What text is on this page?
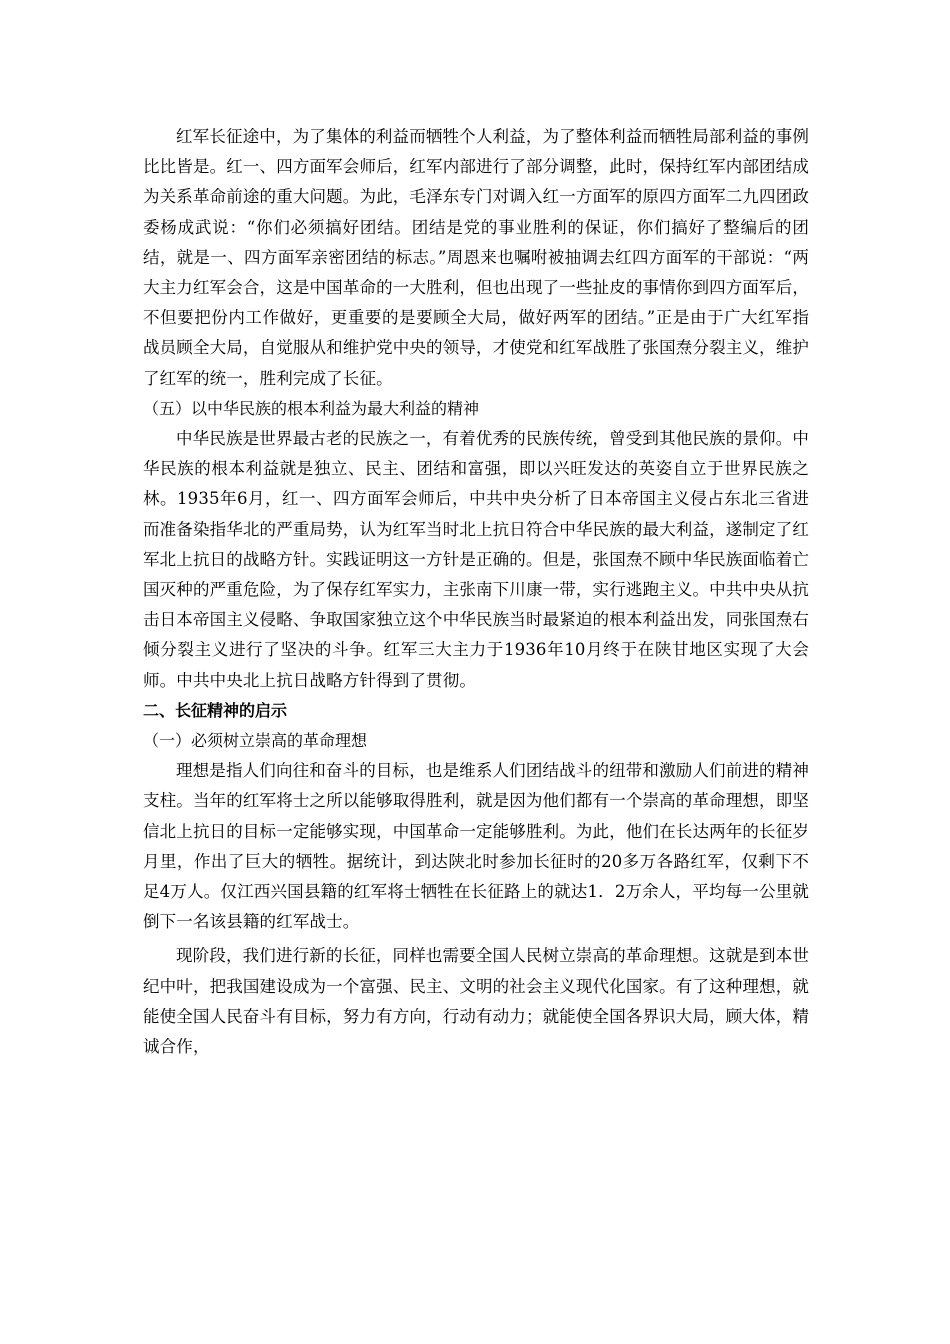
红军长征途中，为了集体的利益而牺牲个人利益，为了整体利益而牺牲局部利益的事例比比皆是。红一、四方面军会师后，红军内部进行了部分调整，此时，保持红军内部团结成为关系革命前途的重大问题。为此，毛泽东专门对调入红一方面军的原四方面军二九四团政委杨成武说：“你们必须搞好团结。团结是党的事业胜利的保证，你们搞好了整编后的团结，就是一、四方面军亲密团结的标志。”周恩来也嘱咐被抽调去红四方面军的干部说：“两大主力红军会合，这是中国革命的一大胜利，但也出现了一些扯皮的事情你到四方面军后，不但要把份内工作做好，更重要的是要顾全大局，做好两军的团结。”正是由于广大红军指战员顾全大局，自觉服从和维护党中央的领导，才使党和红军战胜了张国焘分裂主义，维护了红军的统一，胜利完成了长征。

（五）以中华民族的根本利益为最大利益的精神

中华民族是世界最古老的民族之一，有着优秀的民族传统，曾受到其他民族的景仰。中华民族的根本利益就是独立、民主、团结和富强，即以兴旺发达的英姿自立于世界民族之林。1935年6月，红一、四方面军会师后，中共中央分析了日本帝国主义侵占东北三省进而准备染指华北的严重局势，认为红军当时北上抗日符合中华民族的最大利益，遂制定了红军北上抗日的战略方针。实践证明这一方针是正确的。但是，张国焘不顾中华民族面临着亡国灭种的严重危险，为了保存红军实力，主张南下川康一带，实行逃跑主义。中共中央从抗击日本帝国主义侵略、争取国家独立这个中华民族当时最紧迫的根本利益出发，同张国焘右倾分裂主义进行了坚决的斗争。红军三大主力于1936年10月终于在陕甘地区实现了大会师。中共中央北上抗日战略方针得到了贯彻。

二、长征精神的启示

（一）必须树立崇高的革命理想

理想是指人们向往和奋斗的目标，也是维系人们团结战斗的纽带和激励人们前进的精神支柱。当年的红军将士之所以能够取得胜利，就是因为他们都有一个崇高的革命理想，即坚信北上抗日的目标一定能够实现，中国革命一定能够胜利。为此，他们在长达两年的长征岁月里，作出了巨大的牺牲。据统计，到达陕北时参加长征时的20多万各路红军，仅剩下不足4万人。仅江西兴国县籍的红军将士牺牲在长征路上的就达1．2万余人，平均每一公里就倒下一名该县籍的红军战士。

现阶段，我们进行新的长征，同样也需要全国人民树立崇高的革命理想。这就是到本世纪中叶，把我国建设成为一个富强、民主、文明的社会主义现代化国家。有了这种理想，就能使全国人民奋斗有目标，努力有方向，行动有动力；就能使全国各界识大局，顾大体，精诚合作，
